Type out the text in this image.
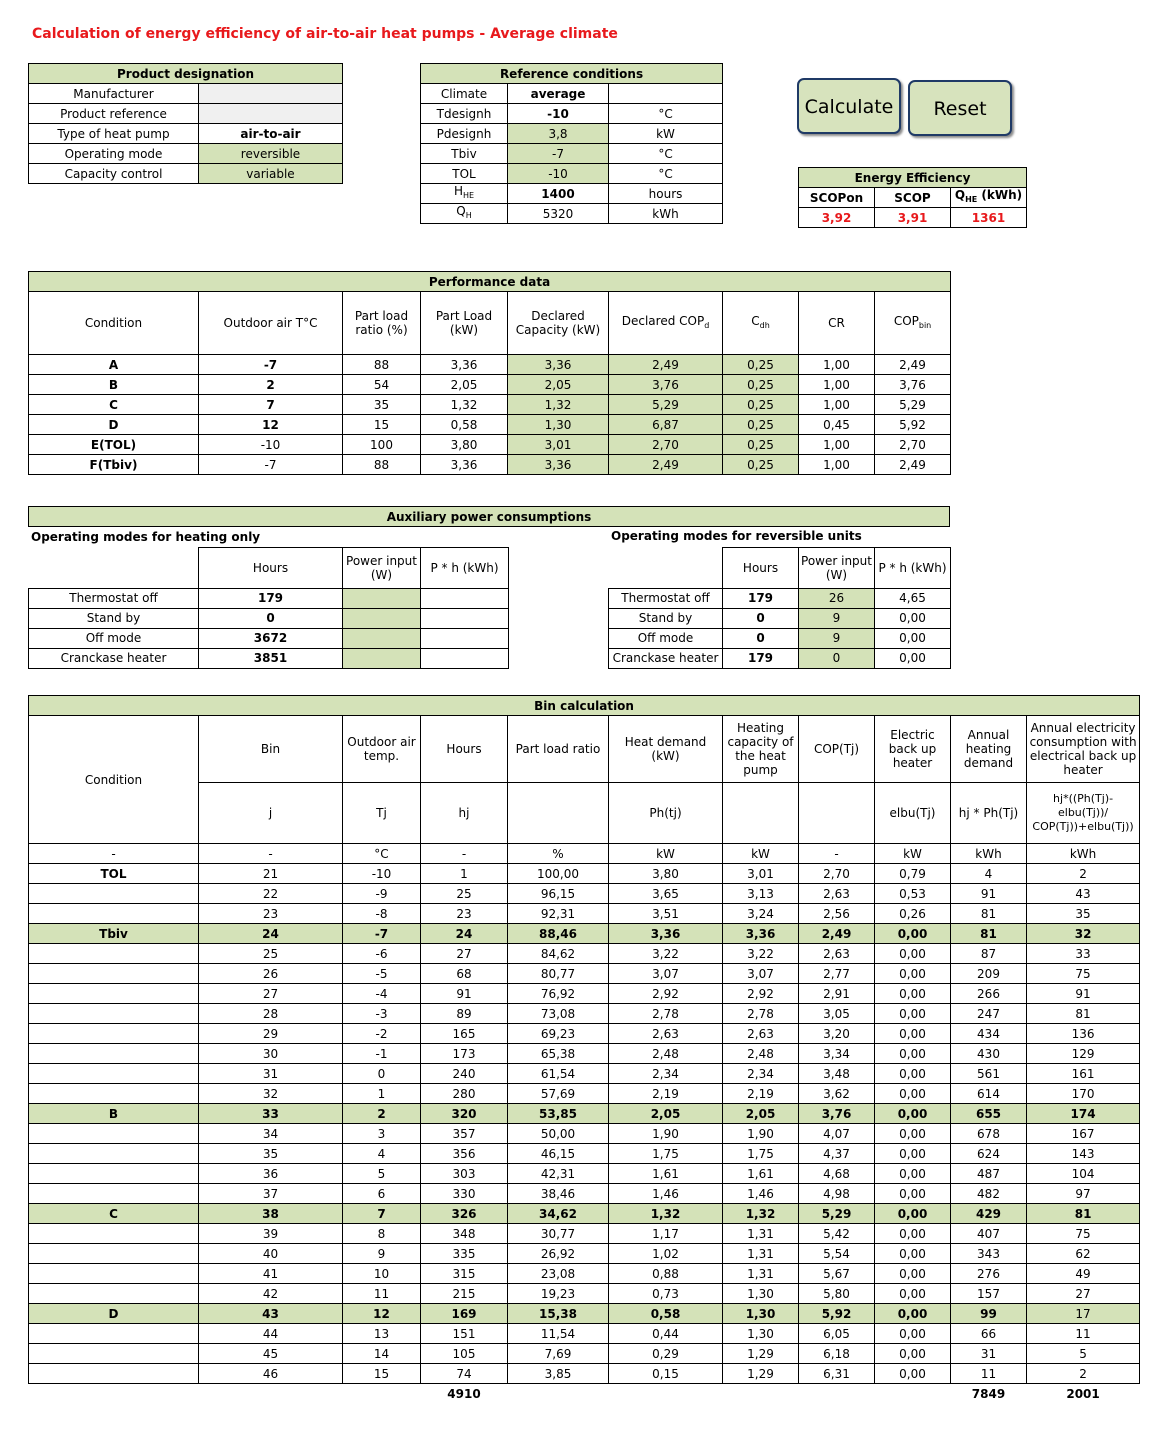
Calculation of energy efficiency of air-to-air heat pumps - Average climate
Product designation	
Manufacturer	
Product reference	
Type of heat pump	air-to-air
Operating mode	reversible
Capacity control	variable
Reference conditions		
Climate	average	
Tdesignh	-10	°C
Pdesignh	3,8	kW
Tbiv	-7	°C
TOL	-10	°C
$H_{HE}$	1400	hours
$Q_H$	5320	kWh
Calculate	Reset
Energy Efficiency		
SCOPon	SCOP	$Q_{HE}$ (kWh)
3,92	3,91	1361
Performance data								
Condition	Outdoor air T°C	Part load ratio (%)	Part Load (kW)	Declared Capacity (kW)	Declared $COP_d$	$C_{dh}$	CR	$COP_{bin}$
A	-7	88	3,36	3,36	2,49	0,25	1,00	2,49
B	2	54	2,05	2,05	3,76	0,25	1,00	3,76
C	7	35	1,32	1,32	5,29	0,25	1,00	5,29
D	12	15	0,58	1,30	6,87	0,25	0,45	5,92
E(TOL)	-10	100	3,80	3,01	2,70	0,25	1,00	2,70
F(Tbiv)	-7	88	3,36	3,36	2,49	0,25	1,00	2,49
Auxiliary power consumptions
Operating modes for heating only	Operating modes for reversible units
	Hours	Power input (W)	P * h (kWh)
Thermostat off	179		
Stand by	0		
Off mode	3672		
Cranckase heater	3851		
	Hours	Power input (W)	P * h (kWh)
Thermostat off	179	26	4,65
Stand by	0	9	0,00
Off mode	0	9	0,00
Cranckase heater	179	0	0,00
Bin calculation										
Condition	Bin	Outdoor air temp.	Hours	Part load ratio	Heat demand (kW)	Heating capacity of the heat pump	COP(Tj)	Electric back up heater	Annual heating demand	Annual electricity consumption with electrical back up heater
	j	Tj	hj		Ph(tj)			elbu(Tj)	hj * Ph(Tj)	hj*((Ph(Tj)-elbu(Tj))/ COP(Tj))+elbu(Tj))
-	-	°C	-	%	kW	kW	-	kW	kWh	kWh
TOL	21	-10	1	100,00	3,80	3,01	2,70	0,79	4	2
	22	-9	25	96,15	3,65	3,13	2,63	0,53	91	43
	23	-8	23	92,31	3,51	3,24	2,56	0,26	81	35
Tbiv	24	-7	24	88,46	3,36	3,36	2,49	0,00	81	32
	25	-6	27	84,62	3,22	3,22	2,63	0,00	87	33
	26	-5	68	80,77	3,07	3,07	2,77	0,00	209	75
	27	-4	91	76,92	2,92	2,92	2,91	0,00	266	91
	28	-3	89	73,08	2,78	2,78	3,05	0,00	247	81
	29	-2	165	69,23	2,63	2,63	3,20	0,00	434	136
	30	-1	173	65,38	2,48	2,48	3,34	0,00	430	129
	31	0	240	61,54	2,34	2,34	3,48	0,00	561	161
	32	1	280	57,69	2,19	2,19	3,62	0,00	614	170
B	33	2	320	53,85	2,05	2,05	3,76	0,00	655	174
	34	3	357	50,00	1,90	1,90	4,07	0,00	678	167
	35	4	356	46,15	1,75	1,75	4,37	0,00	624	143
	36	5	303	42,31	1,61	1,61	4,68	0,00	487	104
	37	6	330	38,46	1,46	1,46	4,98	0,00	482	97
C	38	7	326	34,62	1,32	1,32	5,29	0,00	429	81
	39	8	348	30,77	1,17	1,31	5,42	0,00	407	75
	40	9	335	26,92	1,02	1,31	5,54	0,00	343	62
	41	10	315	23,08	0,88	1,31	5,67	0,00	276	49
	42	11	215	19,23	0,73	1,30	5,80	0,00	157	27
D	43	12	169	15,38	0,58	1,30	5,92	0,00	99	17
	44	13	151	11,54	0,44	1,30	6,05	0,00	66	11
	45	14	105	7,69	0,29	1,29	6,18	0,00	31	5
	46	15	74	3,85	0,15	1,29	6,31	0,00	11	2
			4910						7849	2001
